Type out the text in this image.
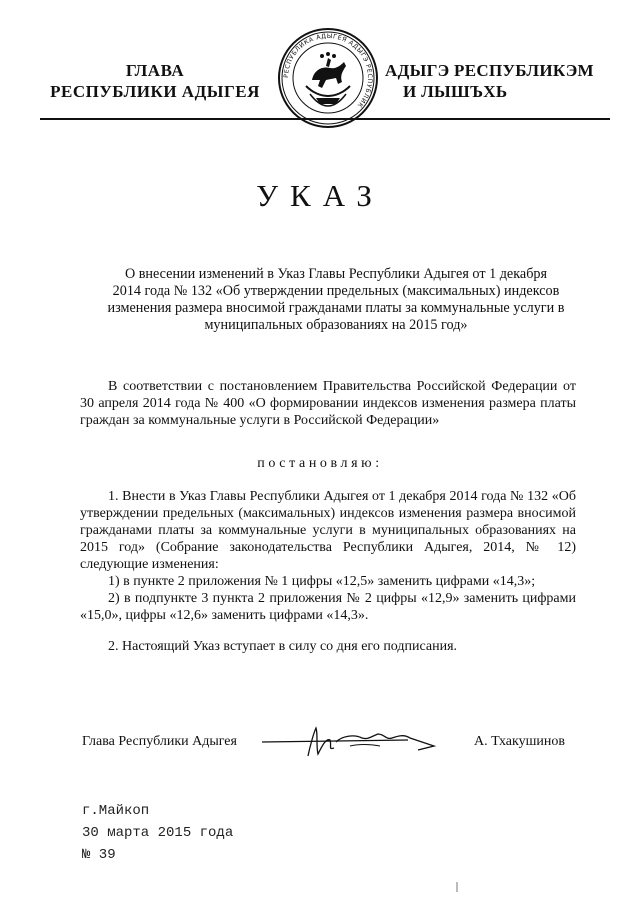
ГЛАВА
РЕСПУБЛИКИ АДЫГЕЯ
РЕСПУБЛИКА АДЫГЕЯ АДЫГЭ РЕСПУБЛИК
АДЫГЭ РЕСПУБЛИКЭМ
И ЛЫШЪХЬ
УКАЗ
О внесении изменений в Указ Главы Республики Адыгея от 1 декабря
2014 года № 132 «Об утверждении предельных (максимальных) индексов
изменения размера вносимой гражданами платы за коммунальные услуги в
муниципальных образованиях на 2015 год»
В соответствии с постановлением Правительства Российской Федерации от 30 апреля 2014 года № 400 «О формировании индексов изменения размера платы граждан за коммунальные услуги в Российской Федерации»
постановляю:

1. Внести в Указ Главы Республики Адыгея от 1 декабря 2014 года № 132 «Об утверждении предельных (максимальных) индексов изменения размера вносимой гражданами платы за коммунальные услуги в муниципальных образованиях на 2015 год» (Собрание законодательства Республики Адыгея, 2014, № 12) следующие изменения:

1) в пункте 2 приложения № 1 цифры «12,5» заменить цифрами «14,3»;

2) в подпункте 3 пункта 2 приложения № 2 цифры «12,9» заменить цифрами «15,0», цифры «12,6» заменить цифрами «14,3».

2. Настоящий Указ вступает в силу со дня его подписания.

Глава Республики Адыгея	А. Тхакушинов
г.Майкоп
30 марта 2015 года
№ 39
